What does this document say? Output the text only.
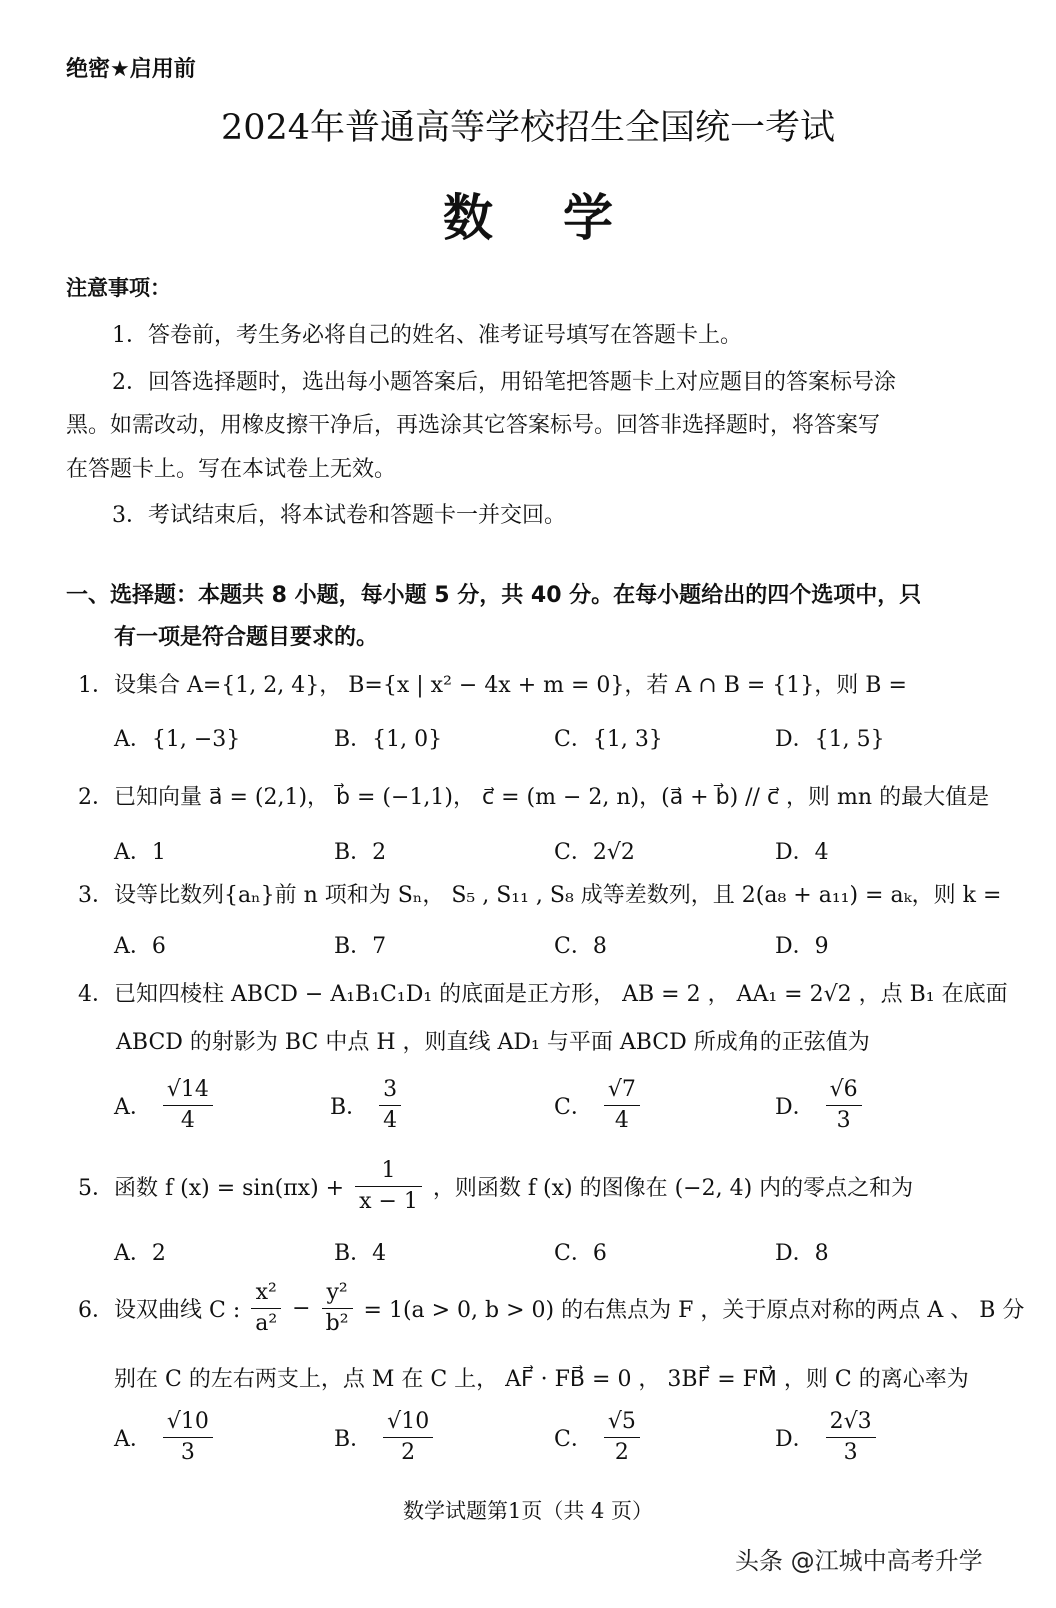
绝密★启用前
2024年普通高等学校招生全国统一考试
数学
注意事项：
1．答卷前，考生务必将自己的姓名、准考证号填写在答题卡上。
2．回答选择题时，选出每小题答案后，用铅笔把答题卡上对应题目的答案标号涂
黑。如需改动，用橡皮擦干净后，再选涂其它答案标号。回答非选择题时，将答案写
在答题卡上。写在本试卷上无效。
3．考试结束后，将本试卷和答题卡一并交回。
一、选择题：本题共 8 小题，每小题 5 分，共 40 分。在每小题给出的四个选项中，只
有一项是符合题目要求的。
1．设集合 A={1, 2, 4}， B={x | x² − 4x + m = 0}，若 A ∩ B = {1}，则 B =
A．{1, −3}	B．{1, 0}	C．{1, 3}	D．{1, 5}
2．已知向量 a⃗ = (2,1)， b⃗ = (−1,1)， c⃗ = (m − 2, n)，(a⃗ + b⃗) // c⃗ ，则 mn 的最大值是
A．1	B．2	C．2√2	D．4
3．设等比数列{aₙ}前 n 项和为 Sₙ， S₅ , S₁₁ , S₈ 成等差数列，且 2(a₈ + a₁₁) = aₖ，则 k =
A．6	B．7	C．8	D．9
4．已知四棱柱 ABCD − A₁B₁C₁D₁ 的底面是正方形， AB = 2 ， AA₁ = 2√2 ，点 B₁ 在底面
ABCD 的射影为 BC 中点 H ，则直线 AD₁ 与平面 ABCD 所成角的正弦值为
A． $\frac{√14}{4}$	B． $\frac{3}{4}$	C． $\frac{√7}{4}$	D． $\frac{√6}{3}$
5．函数 f $(x) = \sin(\pi x) + \frac{1}{x - 1}$ ，则函数 f (x) 的图像在 (−2, 4) 内的零点之和为
A．2	B．4	C．6	D．8
6．设双曲线 C : $\frac{\text{x²}}{\text{a²}} - \frac{\text{y²}}{\text{b²}} = 1(a > 0$, b > 0) 的右焦点为 F ，关于原点对称的两点 A 、 B 分
别在 C 的左右两支上，点 M 在 C 上， AF⃗ · FB⃗ = 0 ， 3BF⃗ = FM⃗ ，则 C 的离心率为
A． $\frac{√10}{3}$	B． $\frac{√10}{2}$	C． $\frac{√5}{2}$	D． $\frac{2√3}{3}$
数学试题第1页（共 4 页）
头条 @江城中高考升学
